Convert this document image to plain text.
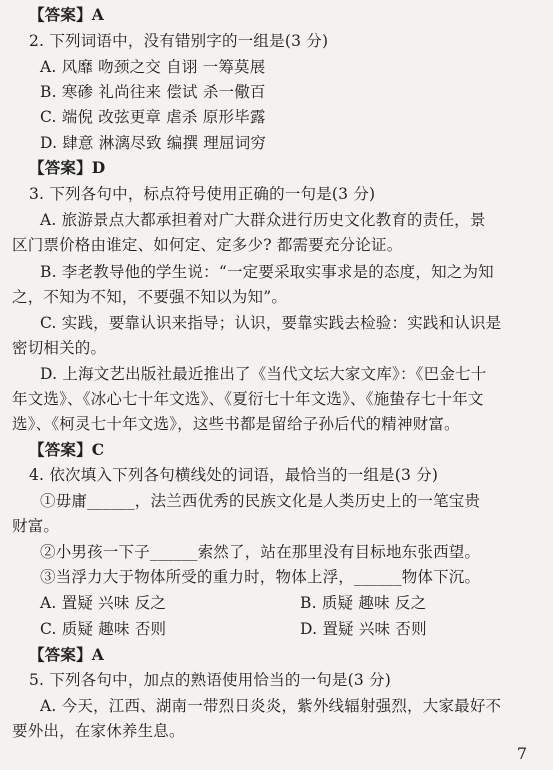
【答案】A
2. 下列词语中，没有错别字的一组是(3 分)
A. 风靡 吻颈之交 自诩 一筹莫展
B. 寒碜 礼尚往来 偿试 杀一儆百
C. 端倪 改弦更章 虐杀 原形毕露
D. 肆意 淋漓尽致 编撰 理屈词穷
【答案】D
3. 下列各句中，标点符号使用正确的一句是(3 分)
A. 旅游景点大都承担着对广大群众进行历史文化教育的责任，景
区门票价格由谁定、如何定、定多少? 都需要充分论证。
B. 李老教导他的学生说：“一定要采取实事求是的态度，知之为知
之，不知为不知，不要强不知以为知”。
C. 实践，要靠认识来指导；认识，要靠实践去检验：实践和认识是
密切相关的。
D. 上海文艺出版社最近推出了《当代文坛大家文库》：《巴金七十
年文选》、《冰心七十年文选》、《夏衍七十年文选》、《施蛰存七十年文
选》、《柯灵七十年文选》，这些书都是留给子孙后代的精神财富。
【答案】C
4. 依次填入下列各句横线处的词语，最恰当的一组是(3 分)
①毋庸______，法兰西优秀的民族文化是人类历史上的一笔宝贵
财富。
②小男孩一下子______索然了，站在那里没有目标地东张西望。
③当浮力大于物体所受的重力时，物体上浮，______物体下沉。
A. 置疑 兴味 反之	B. 质疑 趣味 反之
C. 质疑 趣味 否则	D. 置疑 兴味 否则
【答案】A
5. 下列各句中，加点的熟语使用恰当的一句是(3 分)
A. 今天，江西、湖南一带烈日炎炎，紫外线辐射强烈，大家最好不
要外出，在家休养生息。
7
